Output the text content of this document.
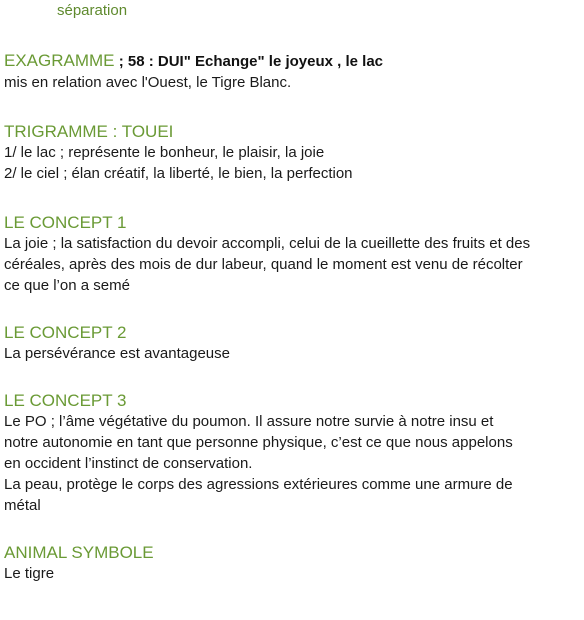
séparation
EXAGRAMME ; 58 : DUI" Echange" le joyeux , le lac
mis en relation avec l'Ouest, le Tigre Blanc.
TRIGRAMME : TOUEI
1/ le lac ; représente le bonheur, le plaisir, la joie
2/ le ciel ; élan créatif, la liberté, le bien, la perfection
LE CONCEPT 1
La joie ; la satisfaction du devoir accompli, celui de la cueillette des fruits et des
céréales, après des mois de dur labeur, quand le moment est venu de récolter
ce que l’on a semé
LE CONCEPT 2
La persévérance est avantageuse
LE CONCEPT 3
Le PO ; l’âme végétative du poumon. Il assure notre survie à notre insu et
notre autonomie en tant que personne physique, c’est ce que nous appelons
en occident l’instinct de conservation.
La peau, protège le corps des agressions extérieures comme une armure de
métal
ANIMAL SYMBOLE
Le tigre
